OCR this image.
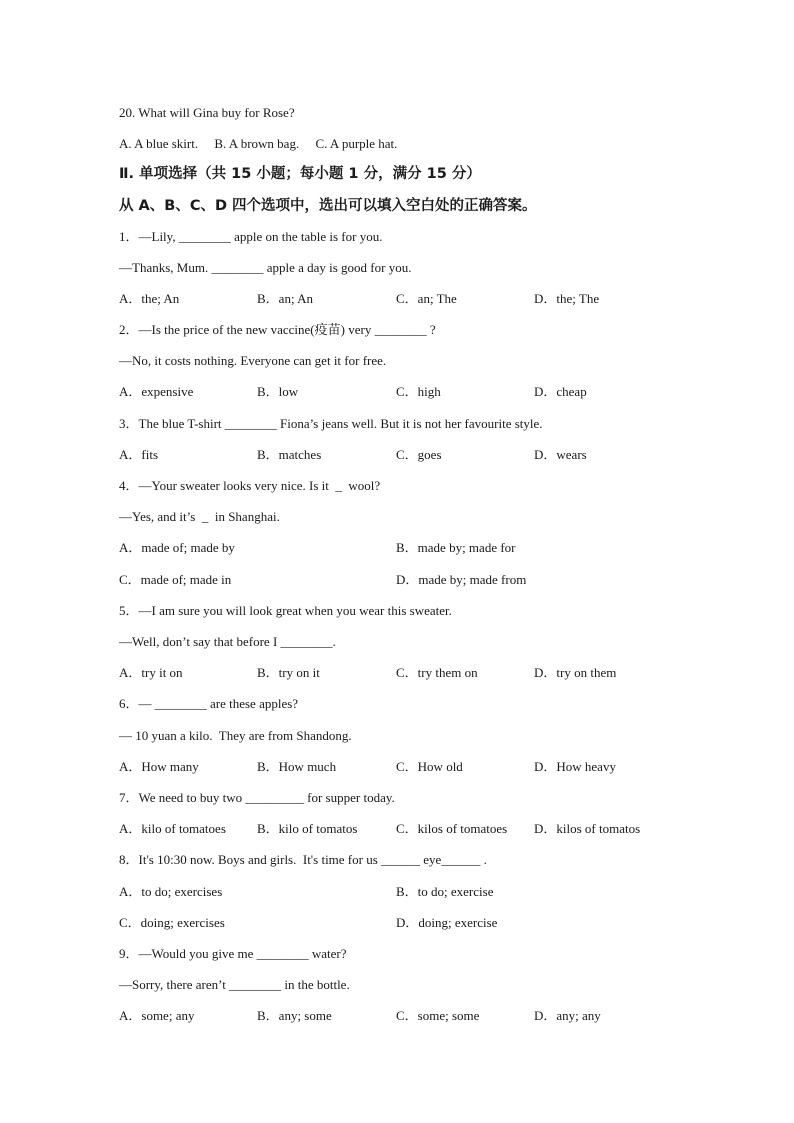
20. What will Gina buy for Rose?
A. A blue skirt.     B. A brown bag.     C. A purple hat.
Ⅱ. 单项选择（共 15 小题；每小题 1 分，满分 15 分）
从 A、B、C、D 四个选项中，选出可以填入空白处的正确答案。
1．—Lily, ________ apple on the table is for you.
—Thanks, Mum. ________ apple a day is good for you.
A．the; An	B．an; An	C．an; The	D．the; The
2．—Is the price of the new vaccine(疫苗) very ________ ?
—No, it costs nothing. Everyone can get it for free.
A．expensive	B．low	C．high	D．cheap
3．The blue T-shirt ________ Fiona’s jeans well. But it is not her favourite style.
A．fits	B．matches	C．goes	D．wears
4．—Your sweater looks very nice. Is it  _  wool?
—Yes, and it’s  _  in Shanghai.
A．made of; made by	B．made by; made for
C．made of; made in	D．made by; made from
5．—I am sure you will look great when you wear this sweater.
—Well, don’t say that before I ________.
A．try it on	B．try on it	C．try them on	D．try on them
6．— ________ are these apples?
— 10 yuan a kilo.  They are from Shandong.
A．How many	B．How much	C．How old	D．How heavy
7．We need to buy two _________ for supper today.
A．kilo of tomatoes B．kilo of tomatos	C．kilos of tomatoes D．kilos of tomatos
8．It's 10:30 now. Boys and girls.  It's time for us ______ eye______ .
A．to do; exercises	B．to do; exercise
C．doing; exercises	D．doing; exercise
9．—Would you give me ________ water?
—Sorry, there aren’t ________ in the bottle.
A．some; any	B．any; some	C．some; some	D．any; any
